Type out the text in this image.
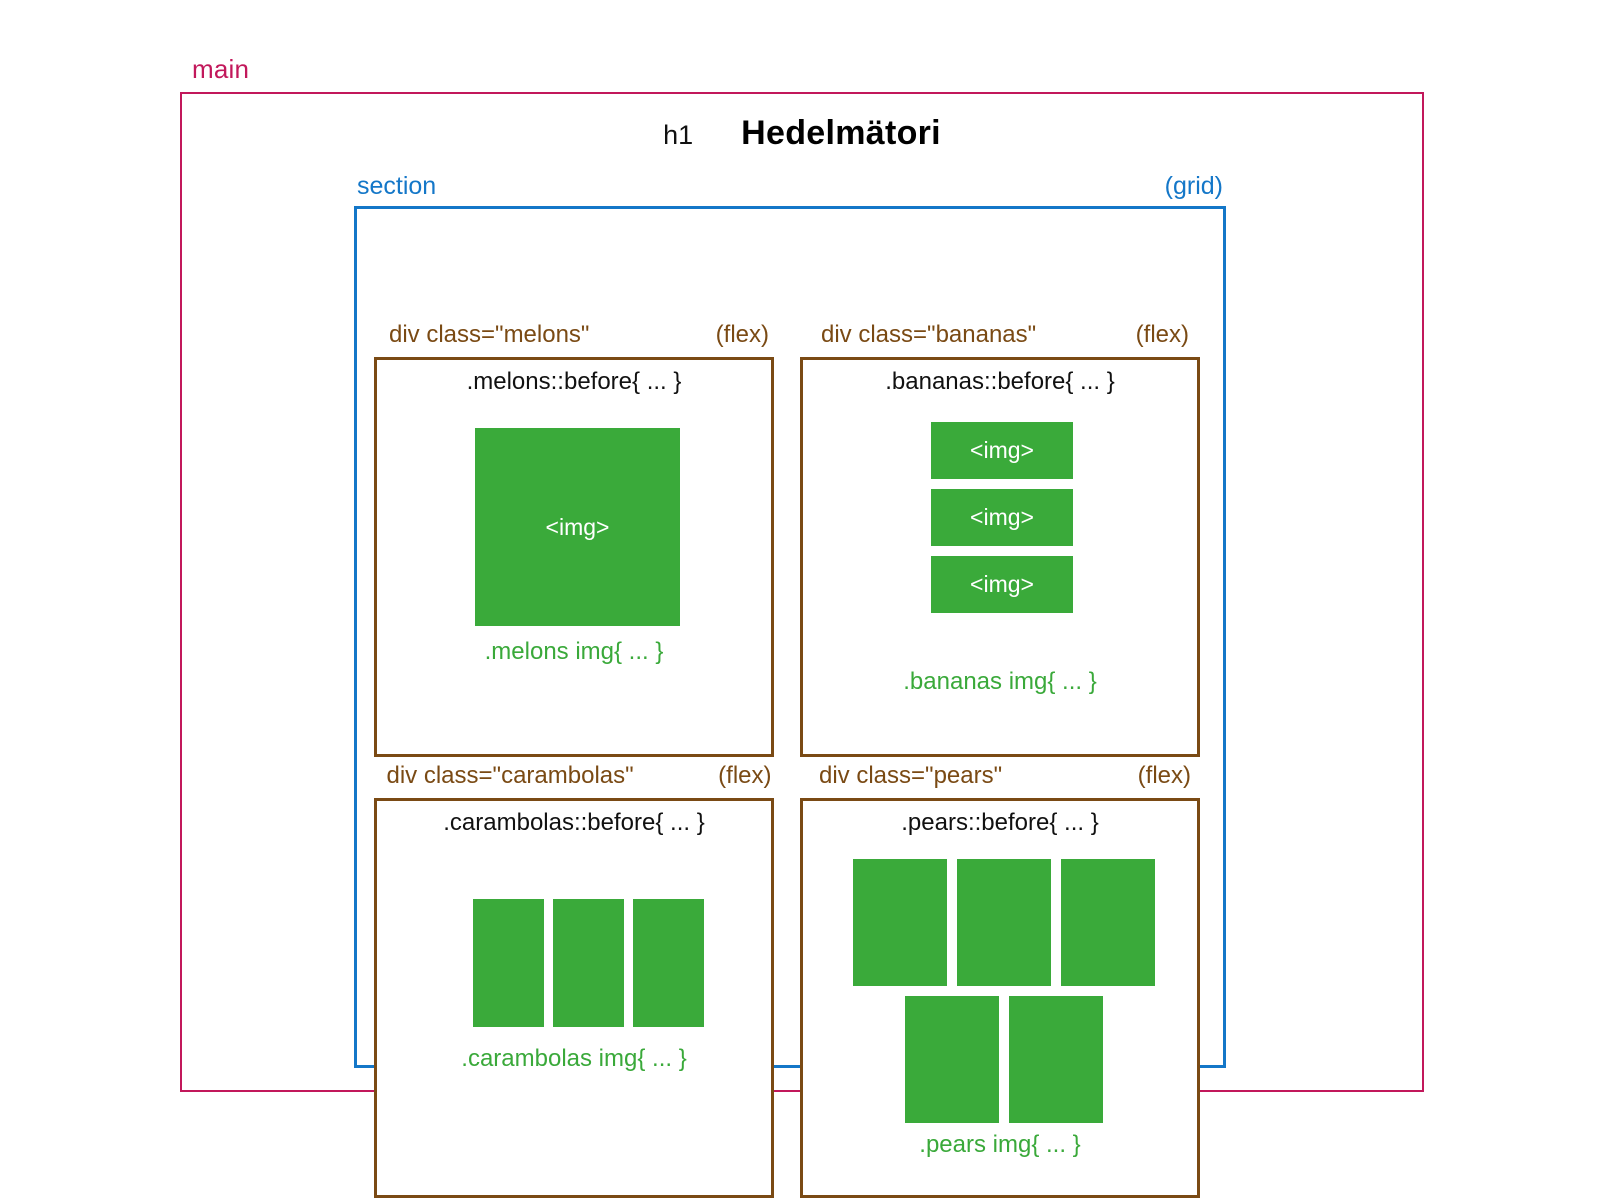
main
h1 Hedelmätori
section	(grid)
div class="melons"	(flex)
.melons::before{ ... }
<img>
.melons img{ ... }
div class="bananas"	(flex)
.bananas::before{ ... }
<img>
<img>
<img>
.bananas img{ ... }
div class="carambolas"	(flex)
.carambolas::before{ ... }
.carambolas img{ ... }
div class="pears"	(flex)
.pears::before{ ... }
.pears img{ ... }
